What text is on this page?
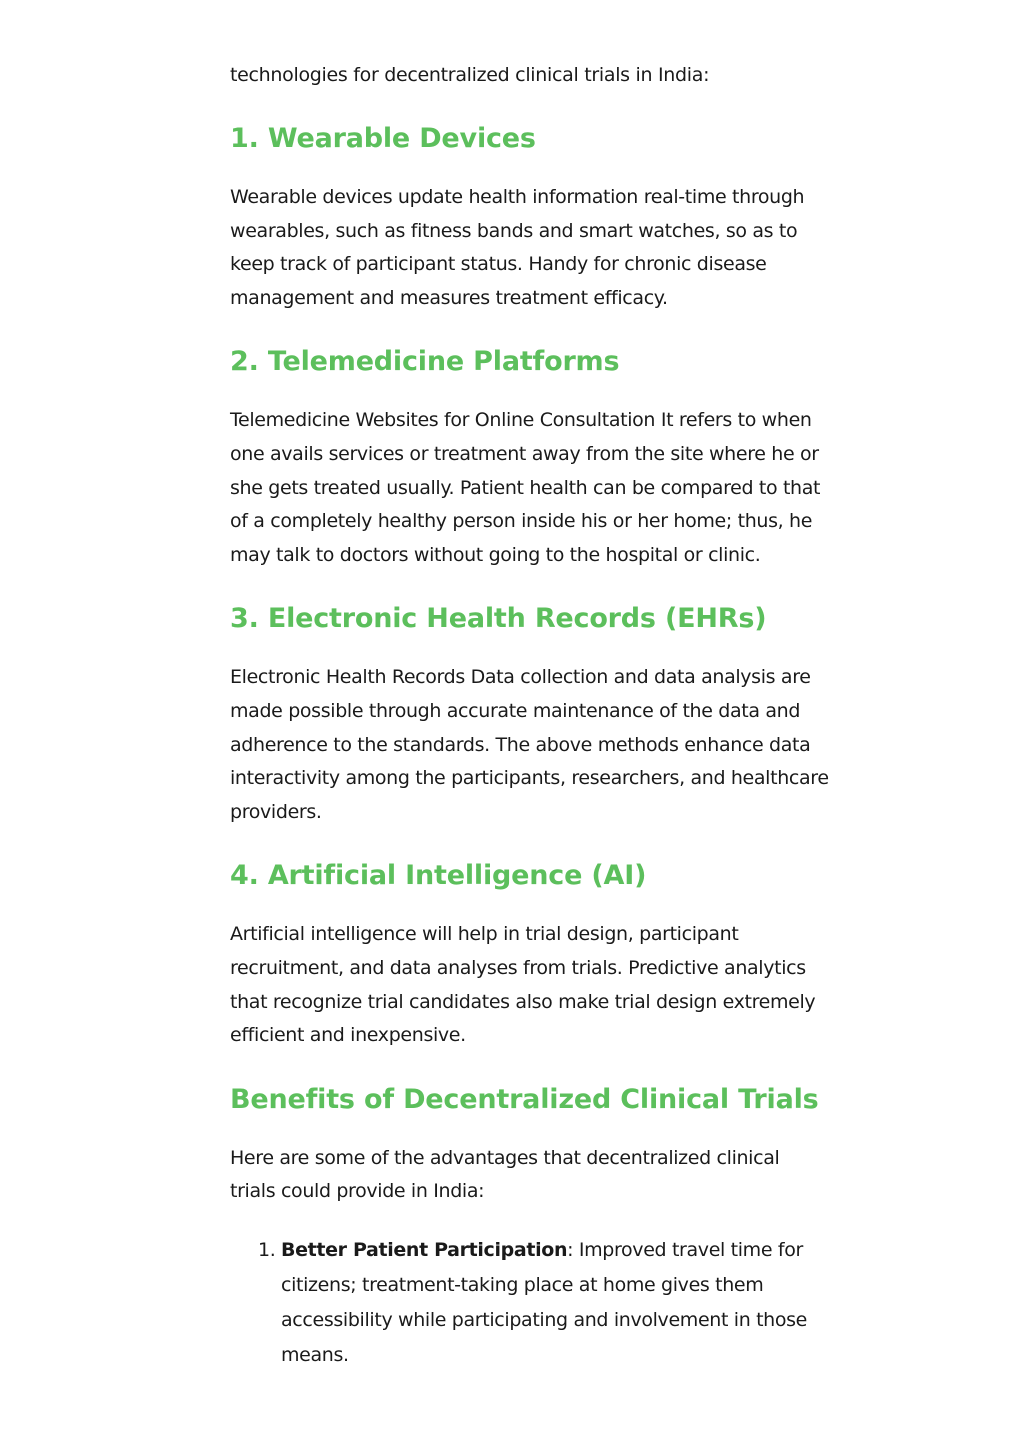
technologies for decentralized clinical trials in India:

1. Wearable Devices

Wearable devices update health information real-time through wearables, such as fitness bands and smart watches, so as to keep track of participant status. Handy for chronic disease management and measures treatment efficacy.

2. Telemedicine Platforms

Telemedicine Websites for Online Consultation It refers to when one avails services or treatment away from the site where he or she gets treated usually. Patient health can be compared to that of a completely healthy person inside his or her home; thus, he may talk to doctors without going to the hospital or clinic.

3. Electronic Health Records (EHRs)

Electronic Health Records Data collection and data analysis are made possible through accurate maintenance of the data and adherence to the standards. The above methods enhance data interactivity among the participants, researchers, and healthcare providers.

4. Artificial Intelligence (AI)

Artificial intelligence will help in trial design, participant recruitment, and data analyses from trials. Predictive analytics that recognize trial candidates also make trial design extremely efficient and inexpensive.

Benefits of Decentralized Clinical Trials

Here are some of the advantages that decentralized clinical trials could provide in India:

1. Better Patient Participation: Improved travel time for citizens; treatment-taking place at home gives them accessibility while participating and involvement in those means.
